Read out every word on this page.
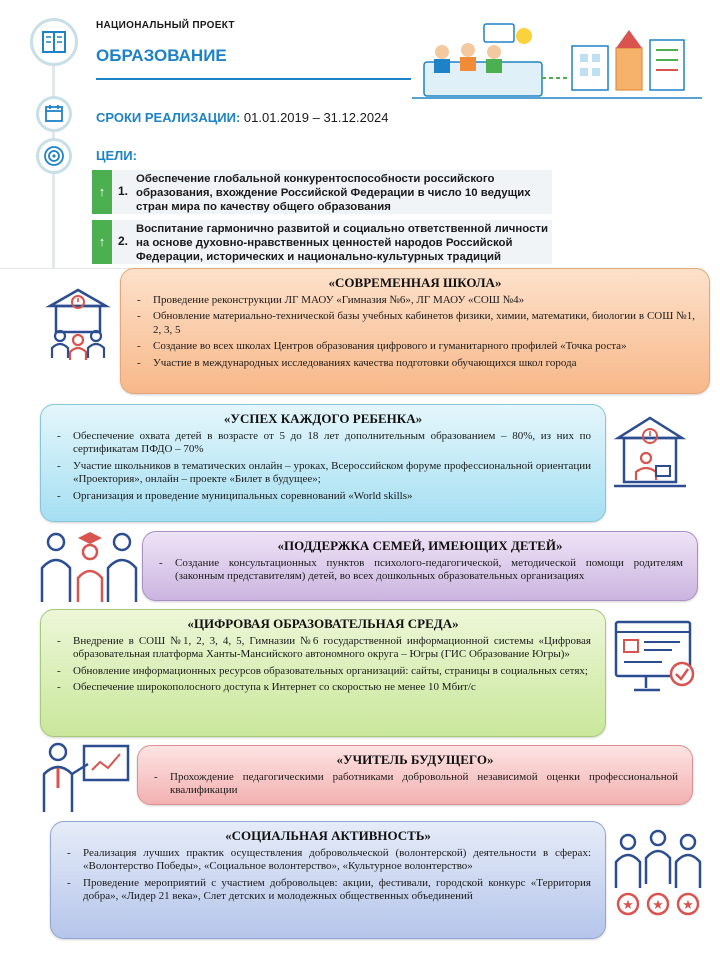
НАЦИОНАЛЬНЫЙ ПРОЕКТ
ОБРАЗОВАНИЕ
СРОКИ РЕАЛИЗАЦИИ: 01.01.2019 – 31.12.2024
ЦЕЛИ:
↑	1.
Обеспечение глобальной конкурентоспособности российского образования, вхождение Российской Федерации в число 10 ведущих стран мира по качеству общего образования
↑	2.
Воспитание гармонично развитой и социально ответственной личности на основе духовно-нравственных ценностей народов Российской Федерации, исторических и национально-культурных традиций
«СОВРЕМЕННАЯ ШКОЛА»
- Проведение реконструкции ЛГ МАОУ «Гимназия №6», ЛГ МАОУ «СОШ №4»
- Обновление материально-технической базы учебных кабинетов физики, химии, математики, биологии в СОШ №1, 2, 3, 5
- Создание во всех школах Центров образования цифрового и гуманитарного профилей «Точка роста»
- Участие в международных исследованиях качества подготовки обучающихся школ города
«УСПЕХ КАЖДОГО РЕБЕНКА»
- Обеспечение охвата детей в возрасте от 5 до 18 лет дополнительным образованием – 80%, из них по сертификатам ПФДО – 70%
- Участие школьников в тематических онлайн – уроках, Всероссийском форуме профессиональной ориентации «Проектория», онлайн – проекте «Билет в будущее»;
- Организация и проведение муниципальных соревнований «World skills»
«ПОДДЕРЖКА СЕМЕЙ, ИМЕЮЩИХ ДЕТЕЙ»
- Создание консультационных пунктов психолого-педагогической, методической помощи родителям (законным представителям) детей, во всех дошкольных образовательных организациях
«ЦИФРОВАЯ ОБРАЗОВАТЕЛЬНАЯ СРЕДА»
- Внедрение в СОШ №1, 2, 3, 4, 5, Гимназии №6 государственной информационной системы «Цифровая образовательная платформа Ханты-Мансийского автономного округа – Югры (ГИС Образование Югры)»
- Обновление информационных ресурсов образовательных организаций: сайты, страницы в социальных сетях;
- Обеспечение широкополосного доступа к Интернет со скоростью не менее 10 Мбит/с
«УЧИТЕЛЬ БУДУЩЕГО»
- Прохождение педагогическими работниками добровольной независимой оценки профессиональной квалификации
«СОЦИАЛЬНАЯ АКТИВНОСТЬ»
- Реализация лучших практик осуществления добровольческой (волонтерской) деятельности в сферах: «Волонтерство Победы», «Социальное волонтерство», «Культурное волонтерство»
- Проведение мероприятий с участием добровольцев: акции, фестивали, городской конкурс «Территория добра», «Лидер 21 века», Слет детских и молодежных общественных объединений
★ ★ ★
